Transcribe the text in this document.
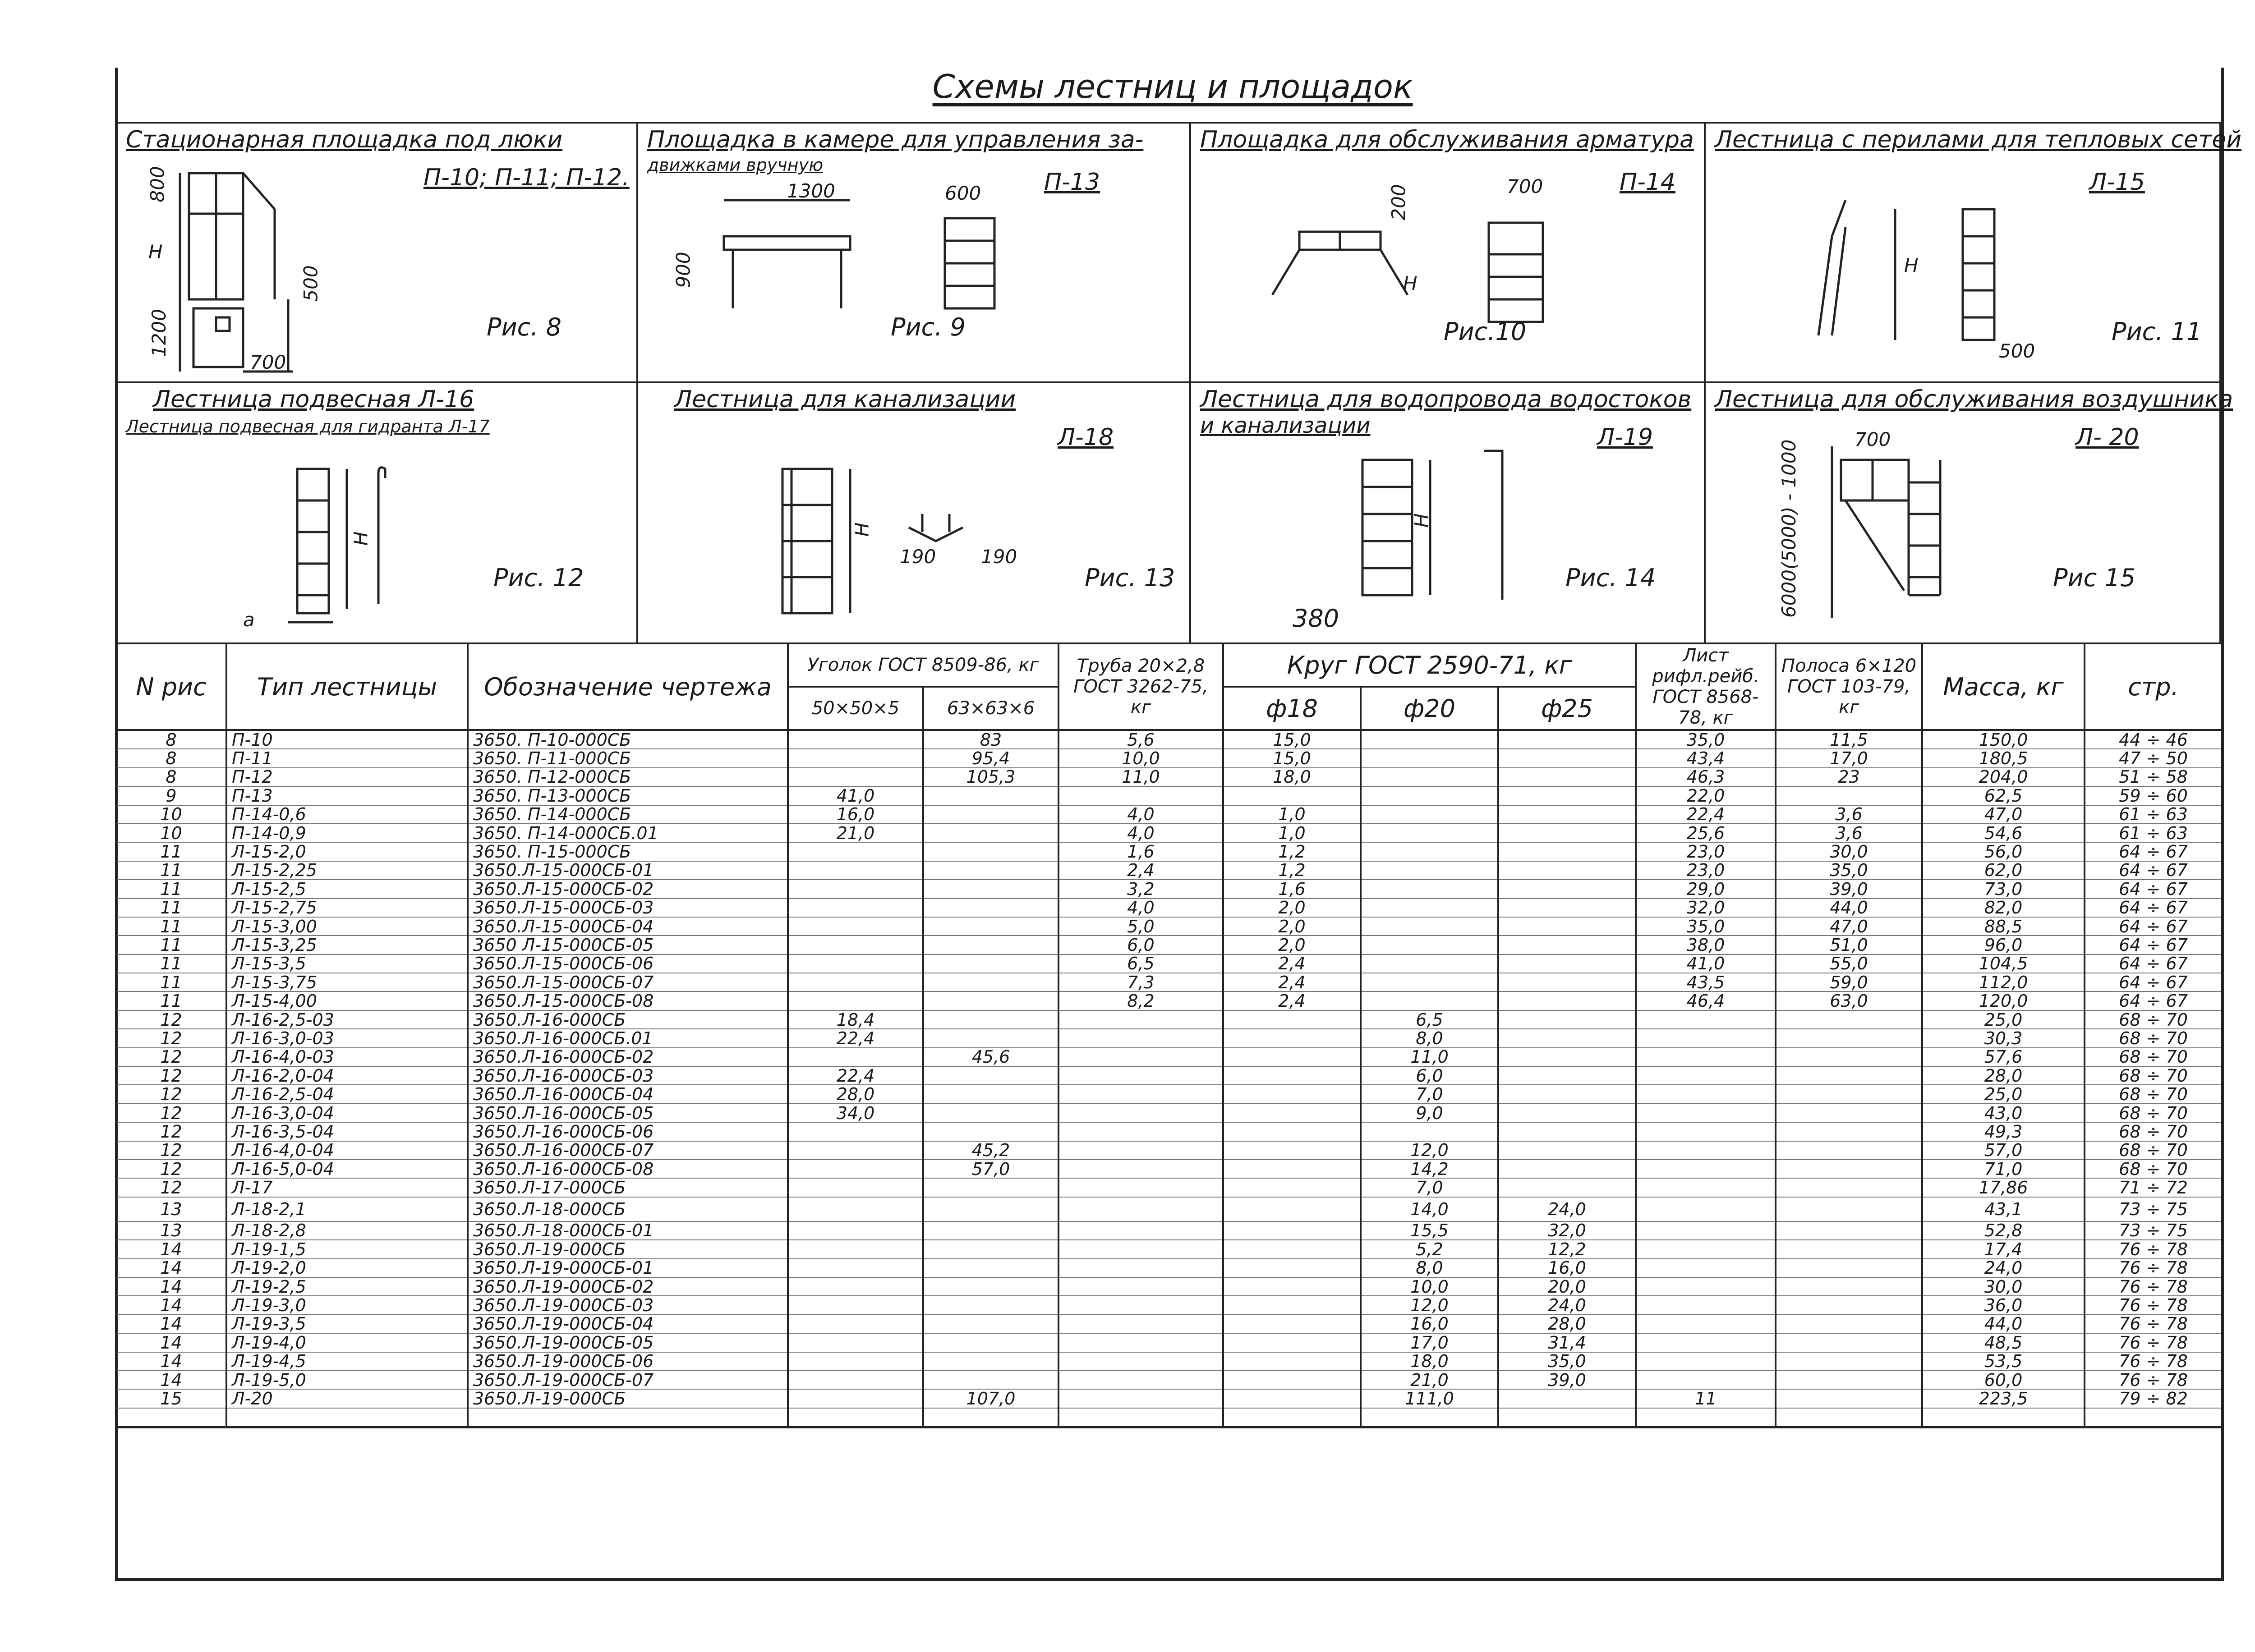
Схемы лестниц и площадок
Стационарная площадка под люки
П-10; П-11; П-12.
800
H
500
1200
700
Рис. 8
Площадка в камере для управления за-
движками вручную
П-13
1300	600
900
Рис. 9
Площадка для обслуживания арматура
П-14
200	700
H
Рис.10
Лестница с перилами для тепловых сетей
Л-15
H
500
Рис. 11
Лестница подвесная Л-16
Лестница подвесная для гидранта Л-17
H
a
Рис. 12
Лестница для канализации
Л-18
H
190 190
Рис. 13
Лестница для водопровода водостоков
и канализации	Л-19
H
380
Рис. 14
Лестница для обслуживания воздушника
Л- 20
700
6000(5000) - 1000	Рис 15
N рис	Тип лестницы	Обозначение чертежа	Уголок ГОСТ 8509-86, кг		Труба 20×2,8 ГОСТ 3262-75, кг	Круг ГОСТ 2590-71, кг			Лист рифл.рейб. ГОСТ 8568-78, кг	Полоса 6×120 ГОСТ 103-79, кг	Масса, кг	стр.
			50×50×5	63×63×6		ф18	ф20	ф25				
8	П-10	3650. П-10-000СБ		83	5,6	15,0			35,0	11,5	150,0	44 ÷ 46
8	П-11	3650. П-11-000СБ		95,4	10,0	15,0			43,4	17,0	180,5	47 ÷ 50
8	П-12	3650. П-12-000СБ		105,3	11,0	18,0			46,3	23	204,0	51 ÷ 58
9	П-13	3650. П-13-000СБ	41,0						22,0		62,5	59 ÷ 60
10	П-14-0,6	3650. П-14-000СБ	16,0		4,0	1,0			22,4	3,6	47,0	61 ÷ 63
10	П-14-0,9	3650. П-14-000СБ.01	21,0		4,0	1,0			25,6	3,6	54,6	61 ÷ 63
11	Л-15-2,0	3650. П-15-000СБ			1,6	1,2			23,0	30,0	56,0	64 ÷ 67
11	Л-15-2,25	3650.Л-15-000СБ-01			2,4	1,2			23,0	35,0	62,0	64 ÷ 67
11	Л-15-2,5	3650.Л-15-000СБ-02			3,2	1,6			29,0	39,0	73,0	64 ÷ 67
11	Л-15-2,75	3650.Л-15-000СБ-03			4,0	2,0			32,0	44,0	82,0	64 ÷ 67
11	Л-15-3,00	3650.Л-15-000СБ-04			5,0	2,0			35,0	47,0	88,5	64 ÷ 67
11	Л-15-3,25	3650 Л-15-000СБ-05			6,0	2,0			38,0	51,0	96,0	64 ÷ 67
11	Л-15-3,5	3650.Л-15-000СБ-06			6,5	2,4			41,0	55,0	104,5	64 ÷ 67
11	Л-15-3,75	3650.Л-15-000СБ-07			7,3	2,4			43,5	59,0	112,0	64 ÷ 67
11	Л-15-4,00	3650.Л-15-000СБ-08			8,2	2,4			46,4	63,0	120,0	64 ÷ 67
12	Л-16-2,5-03	3650.Л-16-000СБ	18,4				6,5				25,0	68 ÷ 70
12	Л-16-3,0-03	3650.Л-16-000СБ.01	22,4				8,0				30,3	68 ÷ 70
12	Л-16-4,0-03	3650.Л-16-000СБ-02		45,6			11,0				57,6	68 ÷ 70
12	Л-16-2,0-04	3650.Л-16-000СБ-03	22,4				6,0				28,0	68 ÷ 70
12	Л-16-2,5-04	3650.Л-16-000СБ-04	28,0				7,0				25,0	68 ÷ 70
12	Л-16-3,0-04	3650.Л-16-000СБ-05	34,0				9,0				43,0	68 ÷ 70
12	Л-16-3,5-04	3650.Л-16-000СБ-06									49,3	68 ÷ 70
12	Л-16-4,0-04	3650.Л-16-000СБ-07		45,2			12,0				57,0	68 ÷ 70
12	Л-16-5,0-04	3650.Л-16-000СБ-08		57,0			14,2				71,0	68 ÷ 70
12	Л-17	3650.Л-17-000СБ					7,0				17,86	71 ÷ 72
13	Л-18-2,1	3650.Л-18-000СБ					14,0	24,0			43,1	73 ÷ 75
13	Л-18-2,8	3650.Л-18-000СБ-01					15,5	32,0			52,8	73 ÷ 75
14	Л-19-1,5	3650.Л-19-000СБ					5,2	12,2			17,4	76 ÷ 78
14	Л-19-2,0	3650.Л-19-000СБ-01					8,0	16,0			24,0	76 ÷ 78
14	Л-19-2,5	3650.Л-19-000СБ-02					10,0	20,0			30,0	76 ÷ 78
14	Л-19-3,0	3650.Л-19-000СБ-03					12,0	24,0			36,0	76 ÷ 78
14	Л-19-3,5	3650.Л-19-000СБ-04					16,0	28,0			44,0	76 ÷ 78
14	Л-19-4,0	3650.Л-19-000СБ-05					17,0	31,4			48,5	76 ÷ 78
14	Л-19-4,5	3650.Л-19-000СБ-06					18,0	35,0			53,5	76 ÷ 78
14	Л-19-5,0	3650.Л-19-000СБ-07					21,0	39,0			60,0	76 ÷ 78
15	Л-20	3650.Л-19-000СБ		107,0			111,0		11		223,5	79 ÷ 82
